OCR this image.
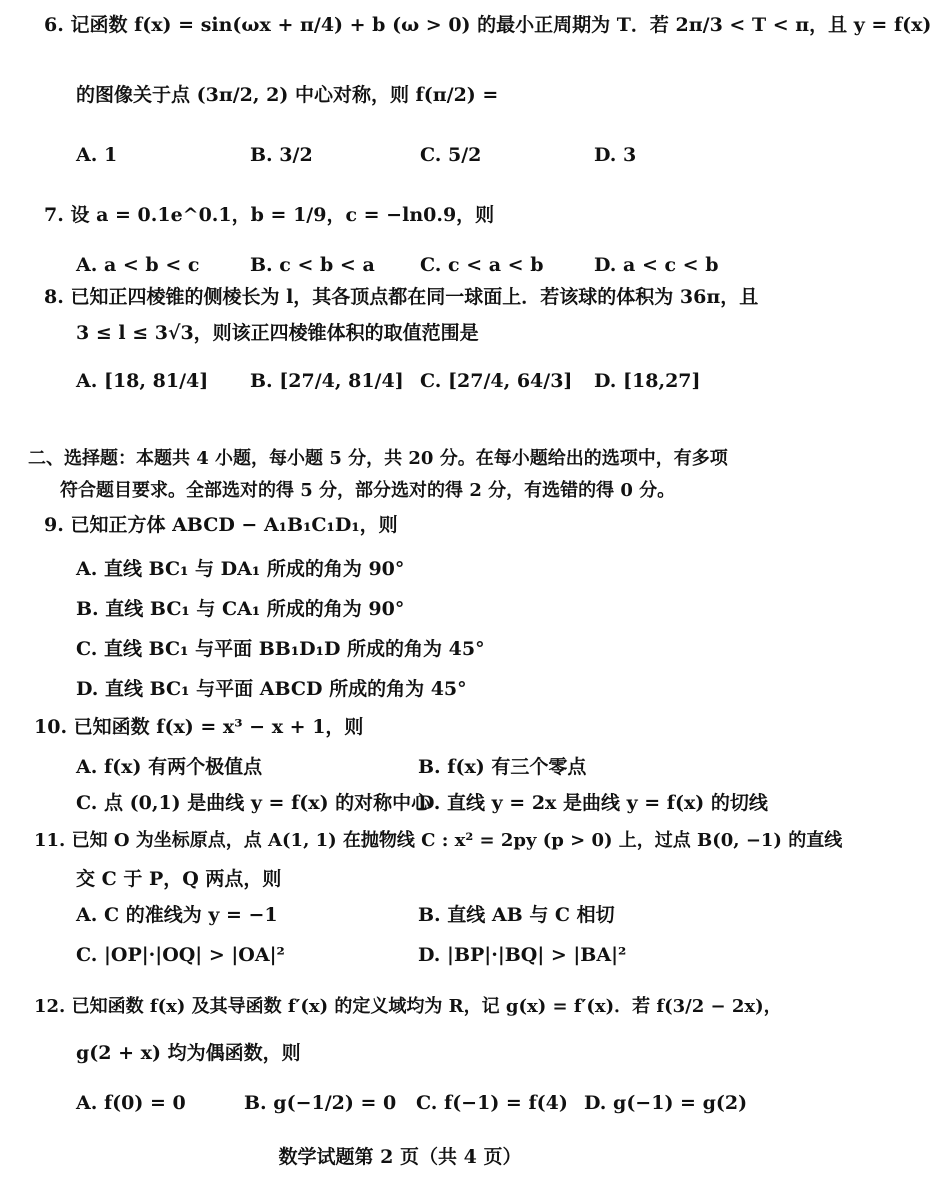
6. 记函数 f(x) = sin(ωx + π/4) + b (ω > 0) 的最小正周期为 T．若 2π/3 < T < π，且 y = f(x)
的图像关于点 (3π/2, 2) 中心对称，则 f(π/2) =
A. 1	B. 3/2	C. 5/2	D. 3
7. 设 a = 0.1e^0.1，b = 1/9，c = −ln0.9，则
A. a < b < c	B. c < b < a C. c < a < b	D. a < c < b
8. 已知正四棱锥的侧棱长为 l，其各顶点都在同一球面上．若该球的体积为 36π，且
3 ≤ l ≤ 3√3，则该正四棱锥体积的取值范围是
A. [18, 81/4] B. [27/4, 81/4] C. [27/4, 64/3] D. [18,27]
二、选择题：本题共 4 小题，每小题 5 分，共 20 分。在每小题给出的选项中，有多项
符合题目要求。全部选对的得 5 分，部分选对的得 2 分，有选错的得 0 分。
9. 已知正方体 ABCD − A₁B₁C₁D₁，则
A. 直线 BC₁ 与 DA₁ 所成的角为 90°
B. 直线 BC₁ 与 CA₁ 所成的角为 90°
C. 直线 BC₁ 与平面 BB₁D₁D 所成的角为 45°
D. 直线 BC₁ 与平面 ABCD 所成的角为 45°
10. 已知函数 f(x) = x³ − x + 1，则
A. f(x) 有两个极值点	B. f(x) 有三个零点
C. 点 (0,1) 是曲线 y = f(x) 的对称中心
D. 直线 y = 2x 是曲线 y = f(x) 的切线
11. 已知 O 为坐标原点，点 A(1, 1) 在抛物线 C : x² = 2py (p > 0) 上，过点 B(0, −1) 的直线
交 C 于 P，Q 两点，则
A. C 的准线为 y = −1	B. 直线 AB 与 C 相切
C. |OP|·|OQ| > |OA|²	D. |BP|·|BQ| > |BA|²
12. 已知函数 f(x) 及其导函数 f′(x) 的定义域均为 R，记 g(x) = f′(x)．若 f(3/2 − 2x)，
g(2 + x) 均为偶函数，则
A. f(0) = 0	B. g(−1/2) = 0 C. f(−1) = f(4) D. g(−1) = g(2)
数学试题第 2 页（共 4 页）
